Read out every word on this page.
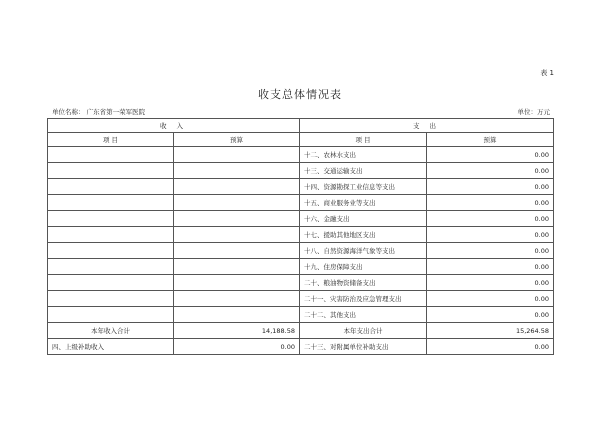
表 1
收支总体情况表
单位名称： 广东省第一荣军医院	单位：万元
收 入		支 出	
项 目	预算	项 目	预算
		十二、农林水支出	0.00
		十三、交通运输支出	0.00
		十四、资源勘探工业信息等支出	0.00
		十五、商业服务业等支出	0.00
		十六、金融支出	0.00
		十七、援助其他地区支出	0.00
		十八、自然资源海洋气象等支出	0.00
		十九、住房保障支出	0.00
		二十、粮油物资储备支出	0.00
		二十一、灾害防治及应急管理支出	0.00
		二十二、其他支出	0.00
本年收入合计	14,188.58	本年支出合计	15,264.58
四、上级补助收入	0.00	二十三、对附属单位补助支出	0.00
